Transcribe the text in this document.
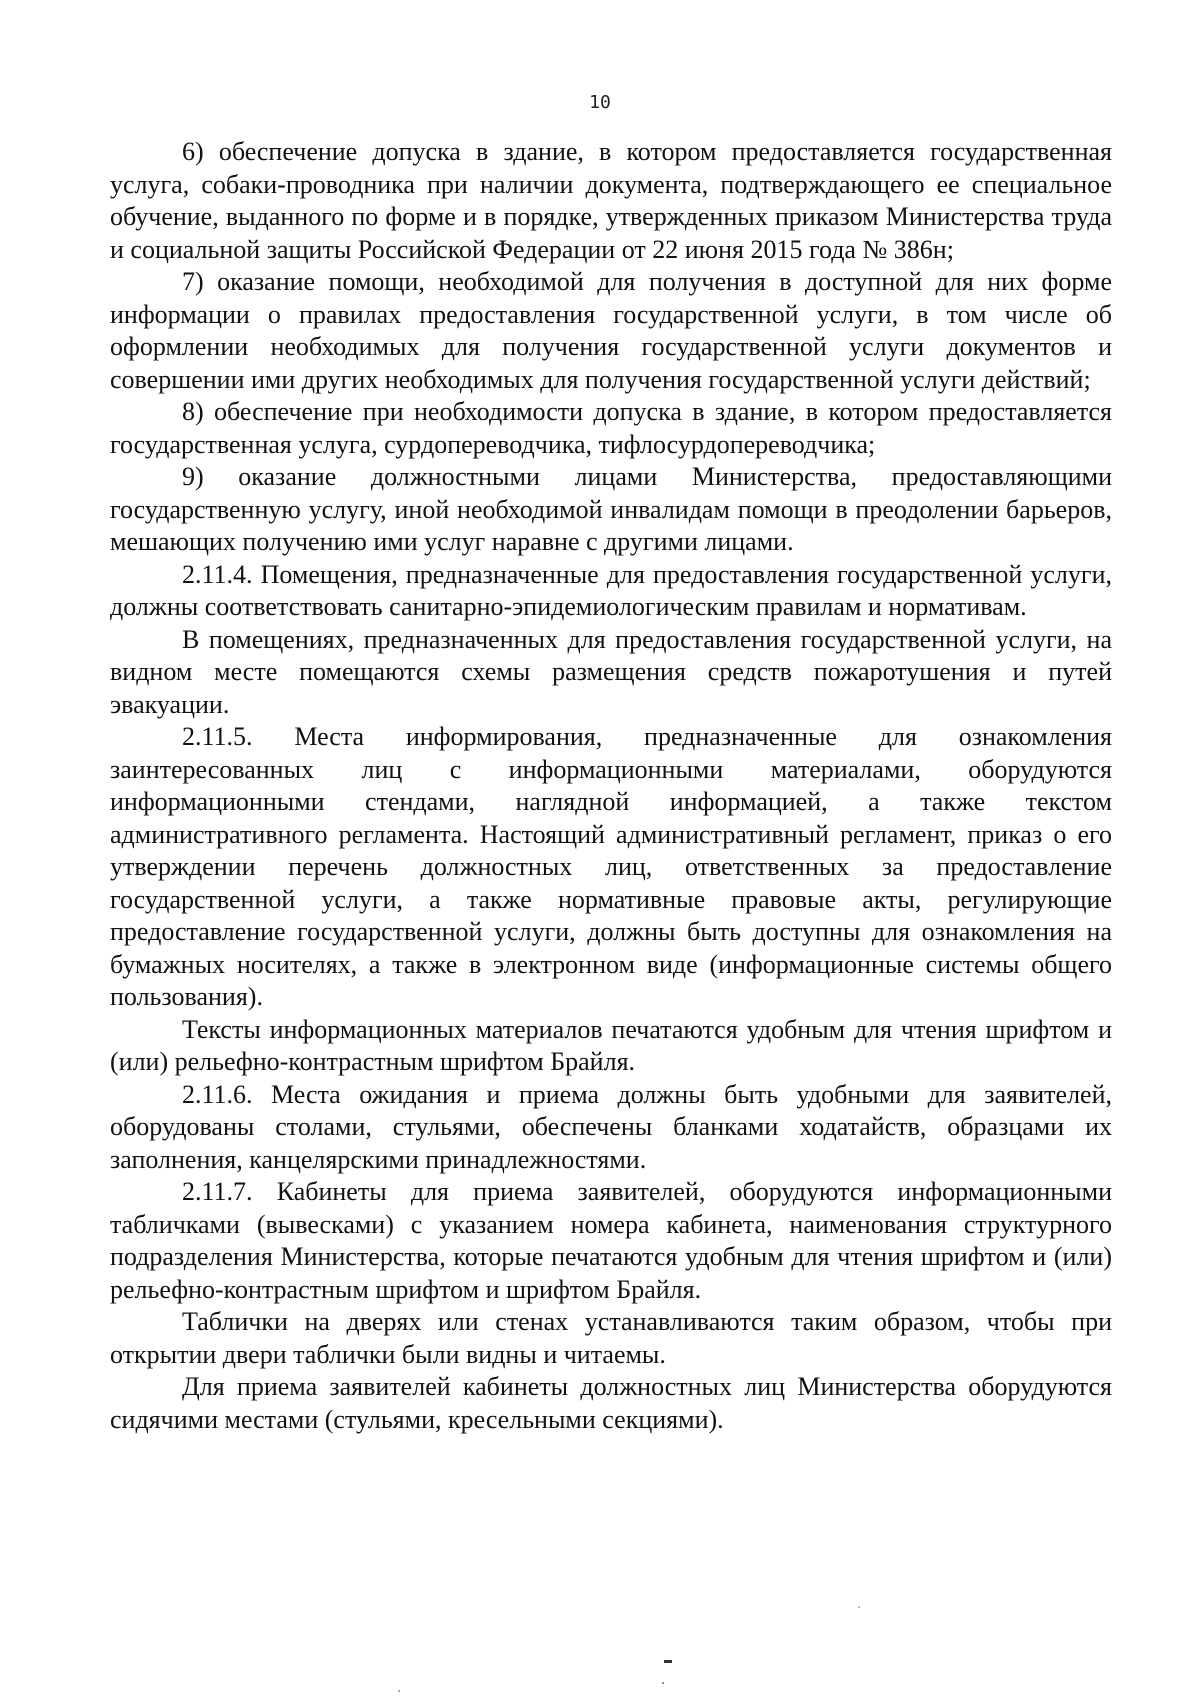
10

6) обеспечение допуска в здание, в котором предоставляется государственная услуга, собаки-проводника при наличии документа, подтверждающего ее специальное обучение, выданного по форме и в порядке, утвержденных приказом Министерства труда и социальной защиты Российской Федерации от 22 июня 2015 года № 386н;

7) оказание помощи, необходимой для получения в доступной для них форме информации о правилах предоставления государственной услуги, в том числе об оформлении необходимых для получения государственной услуги документов и совершении ими других необходимых для получения государственной услуги действий;

8) обеспечение при необходимости допуска в здание, в котором предоставляется государственная услуга, сурдопереводчика, тифлосурдопереводчика;

9) оказание должностными лицами Министерства, предоставляющими государственную услугу, иной необходимой инвалидам помощи в преодолении барьеров, мешающих получению ими услуг наравне с другими лицами.

2.11.4. Помещения, предназначенные для предоставления государственной услуги, должны соответствовать санитарно-эпидемиологическим правилам и нормативам.

В помещениях, предназначенных для предоставления государственной услуги, на видном месте помещаются схемы размещения средств пожаротушения и путей эвакуации.

2.11.5. Места информирования, предназначенные для ознакомления заинтересованных лиц с информационными материалами, оборудуются информационными стендами, наглядной информацией, а также текстом административного регламента. Настоящий административный регламент, приказ о его утверждении перечень должностных лиц, ответственных за предоставление государственной услуги, а также нормативные правовые акты, регулирующие предоставление государственной услуги, должны быть доступны для ознакомления на бумажных носителях, а также в электронном виде (информационные системы общего пользования).

Тексты информационных материалов печатаются удобным для чтения шрифтом и (или) рельефно-контрастным шрифтом Брайля.

2.11.6. Места ожидания и приема должны быть удобными для заявителей, оборудованы столами, стульями, обеспечены бланками ходатайств, образцами их заполнения, канцелярскими принадлежностями.

2.11.7. Кабинеты для приема заявителей, оборудуются информационными табличками (вывесками) с указанием номера кабинета, наименования структурного подразделения Министерства, которые печатаются удобным для чтения шрифтом и (или) рельефно-контрастным шрифтом и шрифтом Брайля.

Таблички на дверях или стенах устанавливаются таким образом, чтобы при открытии двери таблички были видны и читаемы.

Для приема заявителей кабинеты должностных лиц Министерства оборудуются сидячими местами (стульями, кресельными секциями).
